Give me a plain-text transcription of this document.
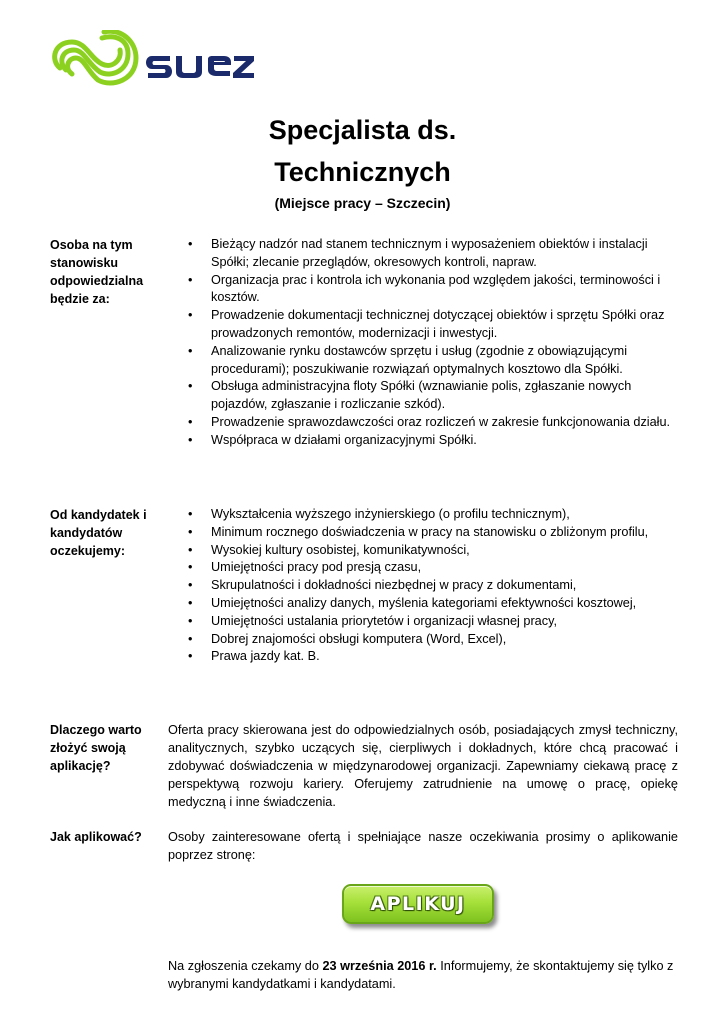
Specjalista ds.
Technicznych
(Miejsce pracy – Szczecin)
Osoba na tym stanowisku odpowiedzialna będzie za:
• Bieżący nadzór nad stanem technicznym i wyposażeniem obiektów i instalacji Spółki; zlecanie przeglądów, okresowych kontroli, napraw.
• Organizacja prac i kontrola ich wykonania pod względem jakości, terminowości i kosztów.
• Prowadzenie dokumentacji technicznej dotyczącej obiektów i sprzętu Spółki oraz prowadzonych remontów, modernizacji i inwestycji.
• Analizowanie rynku dostawców sprzętu i usług (zgodnie z obowiązującymi procedurami); poszukiwanie rozwiązań optymalnych kosztowo dla Spółki.
• Obsługa administracyjna floty Spółki (wznawianie polis, zgłaszanie nowych pojazdów, zgłaszanie i rozliczanie szkód).
• Prowadzenie sprawozdawczości oraz rozliczeń w zakresie funkcjonowania działu.
• Współpraca w działami organizacyjnymi Spółki.
Od kandydatek i kandydatów oczekujemy:
• Wykształcenia wyższego inżynierskiego (o profilu technicznym),
• Minimum rocznego doświadczenia w pracy na stanowisku o zbliżonym profilu,
• Wysokiej kultury osobistej, komunikatywności,
• Umiejętności pracy pod presją czasu,
• Skrupulatności i dokładności niezbędnej w pracy z dokumentami,
• Umiejętności analizy danych, myślenia kategoriami efektywności kosztowej,
• Umiejętności ustalania priorytetów i organizacji własnej pracy,
• Dobrej znajomości obsługi komputera (Word, Excel),
• Prawa jazdy kat. B.
Dlaczego warto złożyć swoją aplikację?
Oferta pracy skierowana jest do odpowiedzialnych osób, posiadających zmysł techniczny, analitycznych, szybko uczących się, cierpliwych i dokładnych, które chcą pracować i zdobywać doświadczenia w międzynarodowej organizacji. Zapewniamy ciekawą pracę z perspektywą rozwoju kariery. Oferujemy zatrudnienie na umowę o pracę, opiekę medyczną i inne świadczenia.
Jak aplikować?	Osoby zainteresowane ofertą i spełniające nasze oczekiwania prosimy o aplikowanie poprzez stronę:
APLIKUJ
Na zgłoszenia czekamy do 23 września 2016 r. Informujemy, że skontaktujemy się tylko z wybranymi kandydatkami i kandydatami.
